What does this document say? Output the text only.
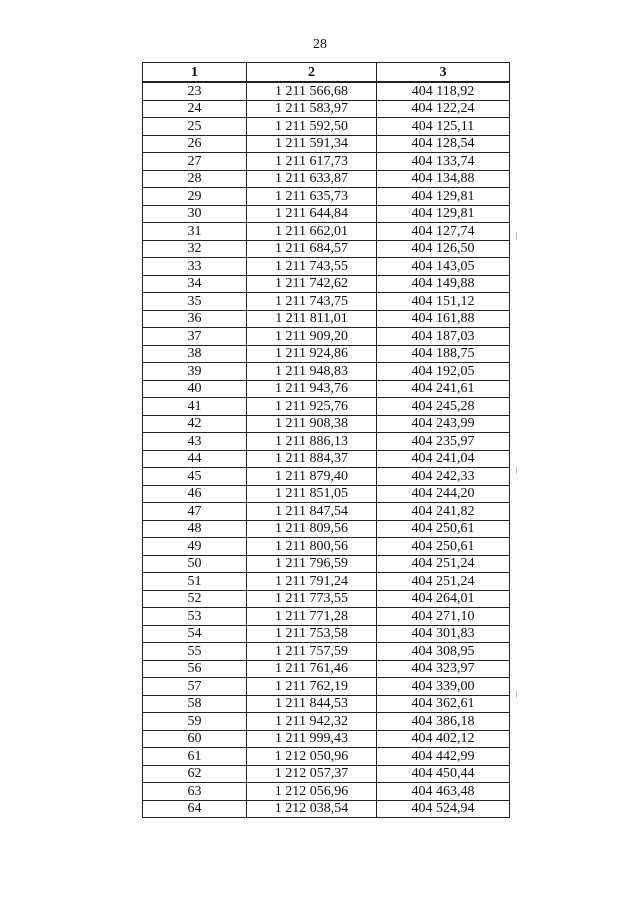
28
1	2	3
23	1 211 566,68	404 118,92
24	1 211 583,97	404 122,24
25	1 211 592,50	404 125,11
26	1 211 591,34	404 128,54
27	1 211 617,73	404 133,74
28	1 211 633,87	404 134,88
29	1 211 635,73	404 129,81
30	1 211 644,84	404 129,81
31	1 211 662,01	404 127,74
32	1 211 684,57	404 126,50
33	1 211 743,55	404 143,05
34	1 211 742,62	404 149,88
35	1 211 743,75	404 151,12
36	1 211 811,01	404 161,88
37	1 211 909,20	404 187,03
38	1 211 924,86	404 188,75
39	1 211 948,83	404 192,05
40	1 211 943,76	404 241,61
41	1 211 925,76	404 245,28
42	1 211 908,38	404 243,99
43	1 211 886,13	404 235,97
44	1 211 884,37	404 241,04
45	1 211 879,40	404 242,33
46	1 211 851,05	404 244,20
47	1 211 847,54	404 241,82
48	1 211 809,56	404 250,61
49	1 211 800,56	404 250,61
50	1 211 796,59	404 251,24
51	1 211 791,24	404 251,24
52	1 211 773,55	404 264,01
53	1 211 771,28	404 271,10
54	1 211 753,58	404 301,83
55	1 211 757,59	404 308,95
56	1 211 761,46	404 323,97
57	1 211 762,19	404 339,00
58	1 211 844,53	404 362,61
59	1 211 942,32	404 386,18
60	1 211 999,43	404 402,12
61	1 212 050,96	404 442,99
62	1 212 057,37	404 450,44
63	1 212 056,96	404 463,48
64	1 212 038,54	404 524,94
